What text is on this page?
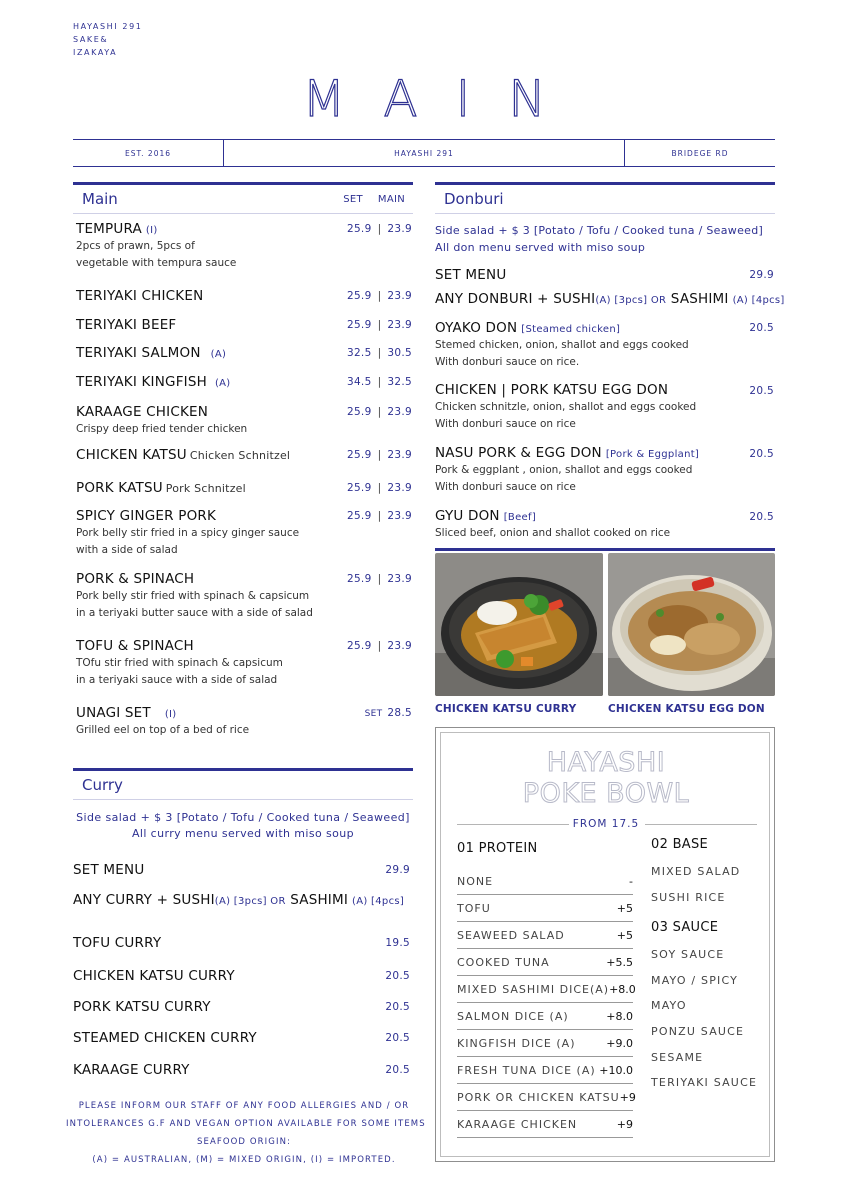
HAYASHI 291
SAKE&
IZAKAYA
MAIN
EST. 2016	HAYASHI 291	BRIDEGE RD
Main	SET MAIN
TEMPURA (I)
2pcs of prawn, 5pcs of
vegetable with tempura sauce
25.9 | 23.9
TERIYAKI CHICKEN	25.9 | 23.9
TERIYAKI BEEF	25.9 | 23.9
TERIYAKI SALMON (A)	32.5 | 30.5
TERIYAKI KINGFISH (A)	34.5 | 32.5
KARAAGE CHICKEN
Crispy deep fried tender chicken
25.9 | 23.9
CHICKEN KATSU Chicken Schnitzel	25.9 | 23.9
PORK KATSU Pork Schnitzel	25.9 | 23.9
SPICY GINGER PORK
Pork belly stir fried in a spicy ginger sauce
with a side of salad
25.9 | 23.9
PORK & SPINACH
Pork belly stir fried with spinach & capsicum
in a teriyaki butter sauce with a side of salad
25.9 | 23.9
TOFU & SPINACH
TOfu stir fried with spinach & capsicum
in a teriyaki sauce with a side of salad
25.9 | 23.9
UNAGI SET (I)
Grilled eel on top of a bed of rice
SET 28.5
Curry
Side salad + $ 3 [Potato / Tofu / Cooked tuna / Seaweed]
All curry menu served with miso soup
SET MENU	29.9
ANY CURRY + SUSHI(A) [3pcs] OR SASHIMI (A) [4pcs]
TOFU CURRY	19.5
CHICKEN KATSU CURRY	20.5
PORK KATSU CURRY	20.5
STEAMED CHICKEN CURRY	20.5
KARAAGE CURRY	20.5
PLEASE INFORM OUR STAFF OF ANY FOOD ALLERGIES AND / OR
INTOLERANCES G.F AND VEGAN OPTION AVAILABLE FOR SOME ITEMS
SEAFOOD ORIGIN:
(A) = AUSTRALIAN, (M) = MIXED ORIGIN, (I) = IMPORTED.
Donburi
Side salad + $ 3 [Potato / Tofu / Cooked tuna / Seaweed]
All don menu served with miso soup
SET MENU	29.9
ANY DONBURI + SUSHI(A) [3pcs] OR SASHIMI (A) [4pcs]
OYAKO DON [Steamed chicken]
Stemed chicken, onion, shallot and eggs cooked
With donburi sauce on rice.
20.5
CHICKEN | PORK KATSU EGG DON
Chicken schnitzle, onion, shallot and eggs cooked
With donburi sauce on rice
20.5
NASU PORK & EGG DON [Pork & Eggplant]
Pork & eggplant , onion, shallot and eggs cooked
With donburi sauce on rice
20.5
GYU DON [Beef]
Sliced beef, onion and shallot cooked on rice
20.5
CHICKEN KATSU CURRY	CHICKEN KATSU EGG DON
HAYASHI
POKE BOWL
FROM 17.5
01 PROTEIN
NONE	-
TOFU	+5
SEAWEED SALAD	+5
COOKED TUNA	+5.5
MIXED SASHIMI DICE(A) +8.0
SALMON DICE (A)	+8.0
KINGFISH DICE (A)	+9.0
FRESH TUNA DICE (A) +10.0
PORK OR CHICKEN KATSU +9
KARAAGE CHICKEN	+9
02 BASE
MIXED SALAD
SUSHI RICE
03 SAUCE
SOY SAUCE
MAYO / SPICY
MAYO
PONZU SAUCE
SESAME
TERIYAKI SAUCE
